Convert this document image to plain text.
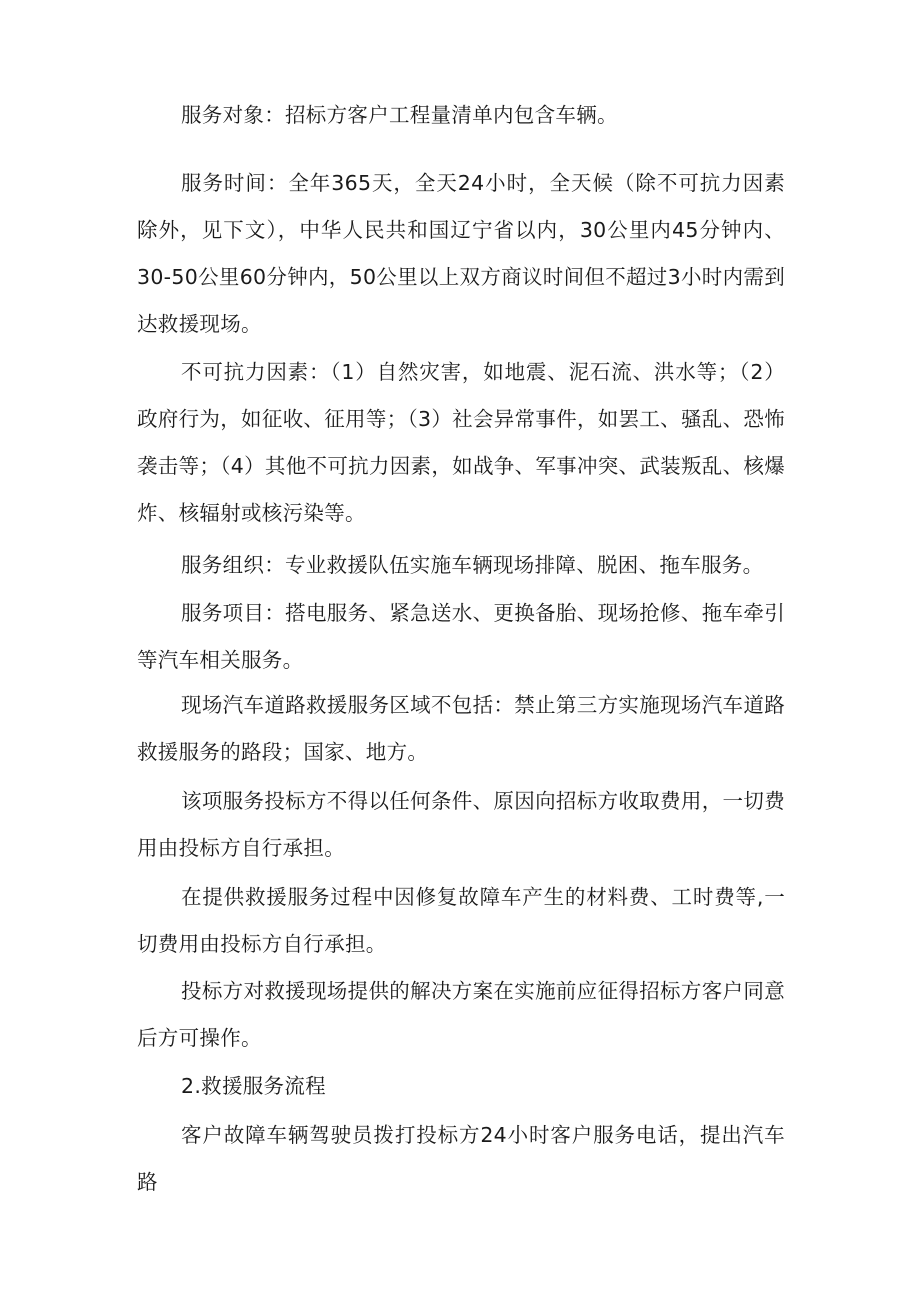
服务对象：招标方客户工程量清单内包含车辆。

服务时间：全年365天，全天24小时，全天候（除不可抗力因素除外，见下文），中华人民共和国辽宁省以内，30公里内45分钟内、30-50公里60分钟内，50公里以上双方商议时间但不超过3小时内需到达救援现场。

不可抗力因素：（1）自然灾害，如地震、泥石流、洪水等；（2）政府行为，如征收、征用等；（3）社会异常事件，如罢工、骚乱、恐怖袭击等；（4）其他不可抗力因素，如战争、军事冲突、武装叛乱、核爆炸、核辐射或核污染等。

服务组织：专业救援队伍实施车辆现场排障、脱困、拖车服务。

服务项目：搭电服务、紧急送水、更换备胎、现场抢修、拖车牵引等汽车相关服务。

现场汽车道路救援服务区域不包括：禁止第三方实施现场汽车道路救援服务的路段；国家、地方。

该项服务投标方不得以任何条件、原因向招标方收取费用，一切费用由投标方自行承担。

在提供救援服务过程中因修复故障车产生的材料费、工时费等,一切费用由投标方自行承担。

投标方对救援现场提供的解决方案在实施前应征得招标方客户同意后方可操作。

2.救援服务流程

客户故障车辆驾驶员拨打投标方24小时客户服务电话，提出汽车路
